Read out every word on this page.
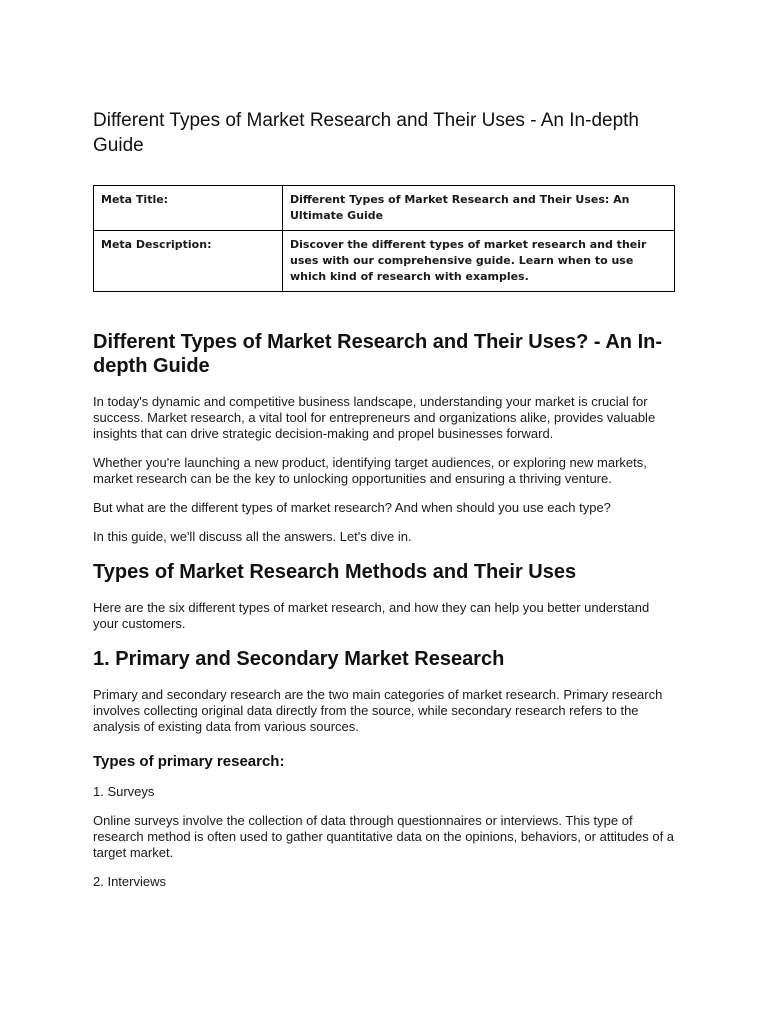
Different Types of Market Research and Their Uses - An In-depth Guide
Meta Title:	Different Types of Market Research and Their Uses: An Ultimate Guide
Meta Description:	Discover the different types of market research and their uses with our comprehensive guide. Learn when to use which kind of research with examples.
Different Types of Market Research and Their Uses? - An In-depth Guide

In today's dynamic and competitive business landscape, understanding your market is crucial for success. Market research, a vital tool for entrepreneurs and organizations alike, provides valuable insights that can drive strategic decision-making and propel businesses forward.

Whether you're launching a new product, identifying target audiences, or exploring new markets, market research can be the key to unlocking opportunities and ensuring a thriving venture.

But what are the different types of market research? And when should you use each type?

In this guide, we'll discuss all the answers. Let's dive in.

Types of Market Research Methods and Their Uses

Here are the six different types of market research, and how they can help you better understand your customers.

1. Primary and Secondary Market Research

Primary and secondary research are the two main categories of market research. Primary research involves collecting original data directly from the source, while secondary research refers to the analysis of existing data from various sources.

Types of primary research:

1. Surveys

Online surveys involve the collection of data through questionnaires or interviews. This type of research method is often used to gather quantitative data on the opinions, behaviors, or attitudes of a target market.

2. Interviews
